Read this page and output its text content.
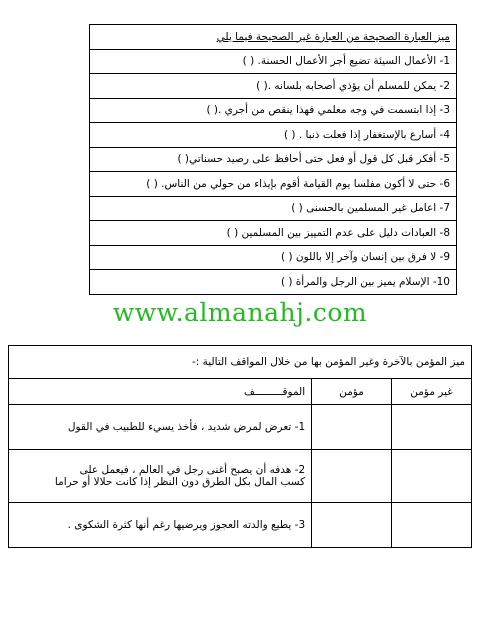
ميز العبارة الصحيحة من العبارة غير الصحيحة فيما يلي
1- الأعمال السيئة تضيع أجر الأعمال الحسنة. ( )
2- يمكن للمسلم أن يؤذي أصحابه بلسانه .( )
3- إذا ابتسمت في وجه معلمي فهذا ينقص من أجري .( )
4- أسارع بالإستغفار إذا فعلت ذنبا . ( )
5- أفكر قبل كل قول أو فعل حتى أحافظ على رصيد حسناتي( )
6- حتى لا أكون مفلسا يوم القيامة أقوم بإيذاء من حولي من الناس. ( )
7- اعامل غير المسلمين بالحسنى ( )
8- العبادات دليل على عدم التمييز بين المسلمين ( )
9- لا فرق بين إنسان وآخر إلا باللون ( )
10- الإسلام يميز بين الرجل والمرأة ( )
www.almanahj.com
ميز المؤمن بالآخرة وغير المؤمن بها من خلال المواقف التالية :-		
الموقـــــــــف	مؤمن	غير مؤمن

1- تعرض لمرض شديد ، فأخذ يسيء للطبيب في القول		

2- هدفه أن يصبح أغنى رجل في العالم ، فيعمل على
كسب المال بكل الطرق دون النظر إذا كانت حلالا أو حراما		

3- يطيع والدته العجوز ويرضيها رغم أنها كثرة الشكوى .		
